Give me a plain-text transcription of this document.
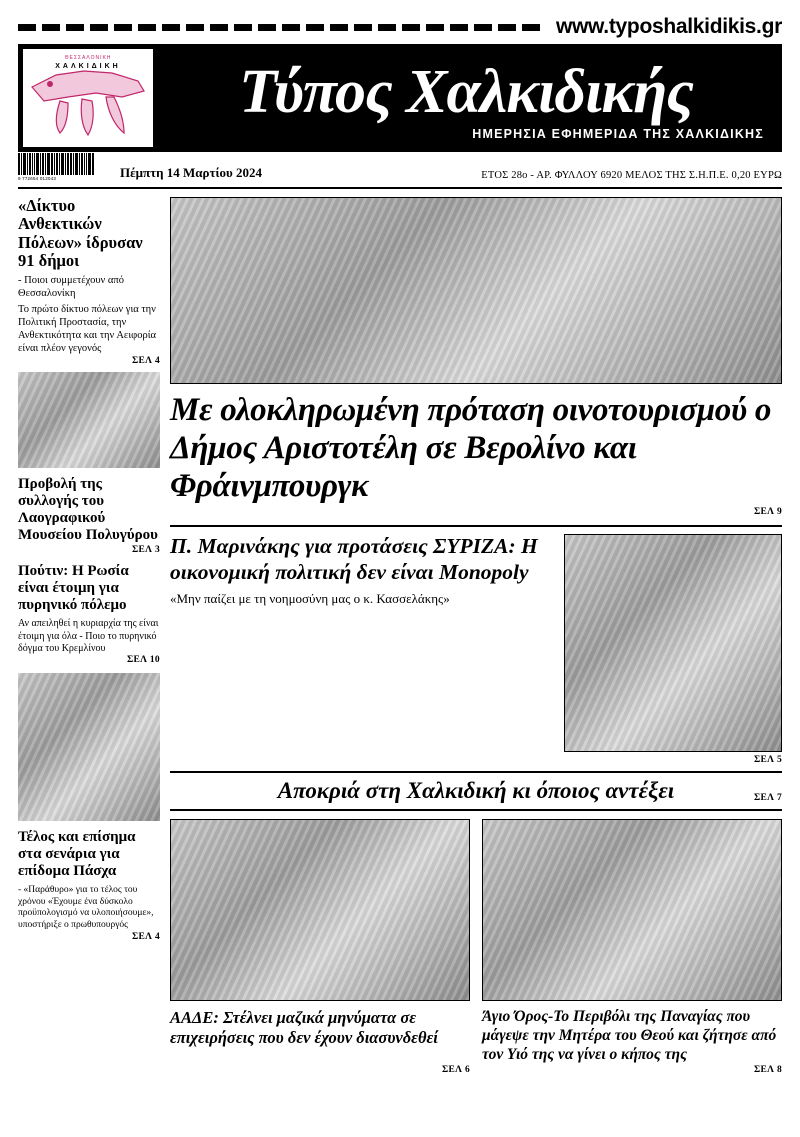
www.typoshalkidikis.gr
ΘΕΣΣΑΛΟΝΙΚΗ
ΧΑΛΚΙΔΙΚΗ	Τύπος Χαλκιδικής
ΗΜΕΡΗΣΙΑ ΕΦΗΜΕΡΙΔΑ ΤΗΣ ΧΑΛΚΙΔΙΚΗΣ
9 772654 012043	Πέμπτη 14 Μαρτίου 2024	ΕΤΟΣ 28ο - ΑΡ. ΦΥΛΛΟΥ 6920 ΜΕΛΟΣ ΤΗΣ Σ.Η.Π.Ε. 0,20 ΕΥΡΩ
«Δίκτυο Ανθεκτικών Πόλεων» ίδρυσαν 91 δήμοι
- Ποιοι συμμετέχουν από Θεσσαλονίκη
Το πρώτο δίκτυο πόλεων για την Πολιτική Προστασία, την Ανθεκτικότητα και την Αειφορία είναι πλέον γεγονός
ΣΕΛ 4
Προβολή της συλλογής του Λαογραφικού Μουσείου Πολυγύρου
ΣΕΛ 3
Πούτιν: Η Ρωσία είναι έτοιμη για πυρηνικό πόλεμο
Αν απειληθεί η κυριαρχία της είναι έτοιμη για όλα - Ποιο το πυρηνικό δόγμα του Κρεμλίνου
ΣΕΛ 10
Τέλος και επίσημα στα σενάρια για επίδομα Πάσχα
- «Παράθυρο» για το τέλος του χρόνου «Έχουμε ένα δύσκολο προϋπολογισμό να υλοποιήσουμε», υποστήριξε ο πρωθυπουργός
ΣΕΛ 4
Με ολοκληρωμένη πρόταση οινοτουρισμού ο Δήμος Αριστοτέλη σε Βερολίνο και Φράινμπουργκ
ΣΕΛ 9
Π. Μαρινάκης για προτάσεις ΣΥΡΙΖΑ: Η οικονομική πολιτική δεν είναι Monopoly
«Μην παίζει με τη νοημοσύνη μας ο κ. Κασσελάκης»
ΣΕΛ 5
Αποκριά στη Χαλκιδική κι όποιος αντέξει	ΣΕΛ 7
ΑΑΔΕ: Στέλνει μαζικά μηνύματα σε επιχειρήσεις που δεν έχουν διασυνδεθεί
ΣΕΛ 6
Άγιο Όρος-Το Περιβόλι της Παναγίας που μάγεψε την Μητέρα του Θεού και ζήτησε από τον Υιό της να γίνει ο κήπος της
ΣΕΛ 8
